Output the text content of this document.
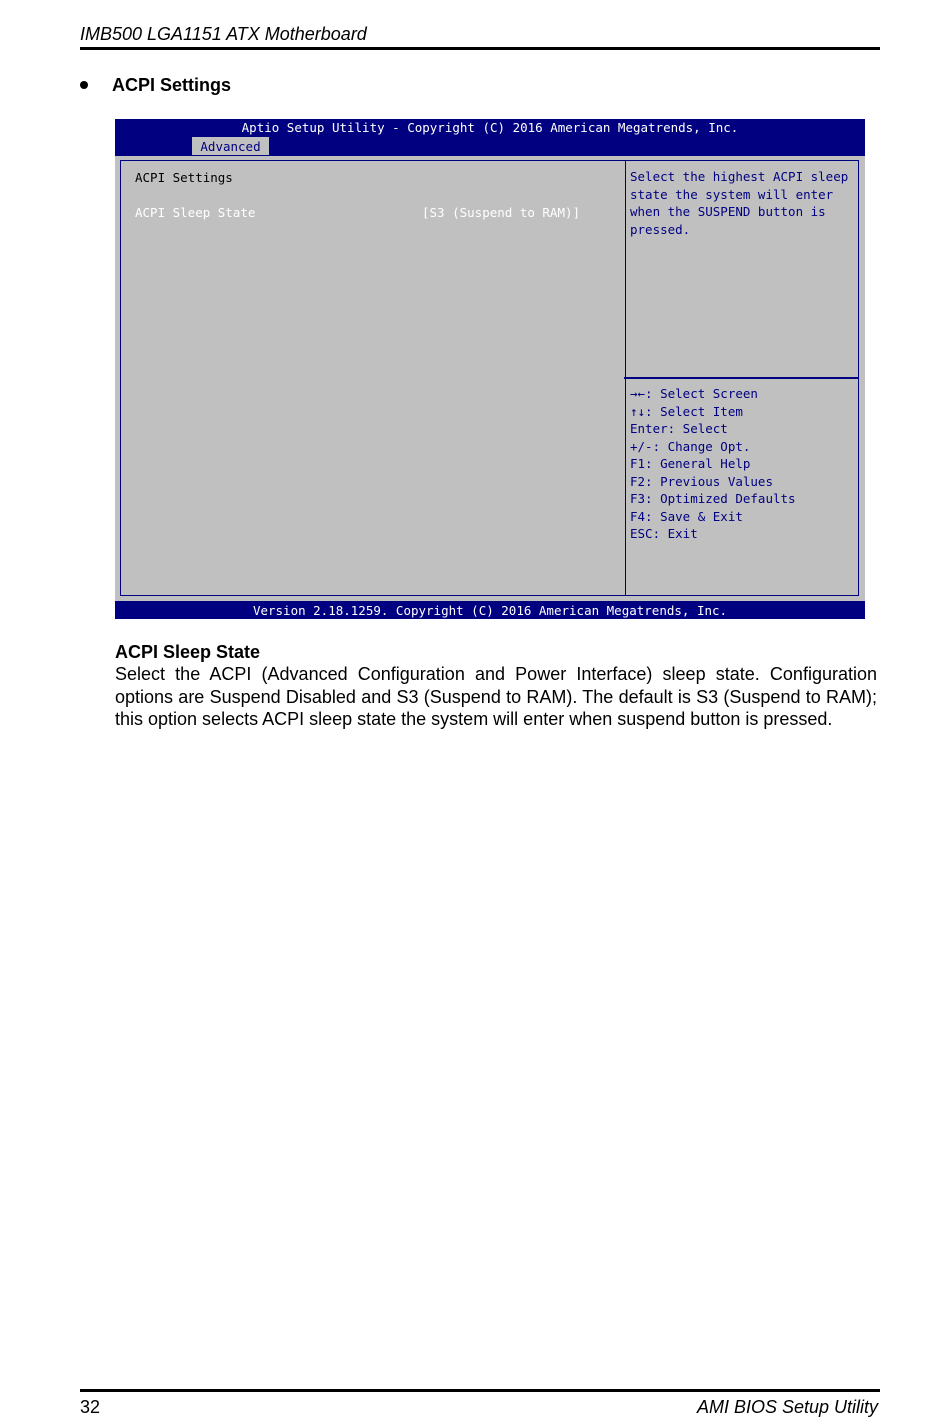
IMB500 LGA1151 ATX Motherboard
ACPI Settings
Aptio Setup Utility - Copyright (C) 2016 American Megatrends, Inc.
Advanced
ACPI Settings
ACPI Sleep State	[S3 (Suspend to RAM)]
Select the highest ACPI sleep
state the system will enter
when the SUSPEND button is
pressed.
→←: Select Screen
↑↓: Select Item
Enter: Select
+/-: Change Opt.
F1: General Help
F2: Previous Values
F3: Optimized Defaults
F4: Save & Exit
ESC: Exit
Version 2.18.1259. Copyright (C) 2016 American Megatrends, Inc.
ACPI Sleep State

Select the ACPI (Advanced Configuration and Power Interface) sleep state. Configuration options are Suspend Disabled and S3 (Suspend to RAM). The default is S3 (Suspend to RAM); this option selects ACPI sleep state the system will enter when suspend button is pressed.

32	AMI BIOS Setup Utility
